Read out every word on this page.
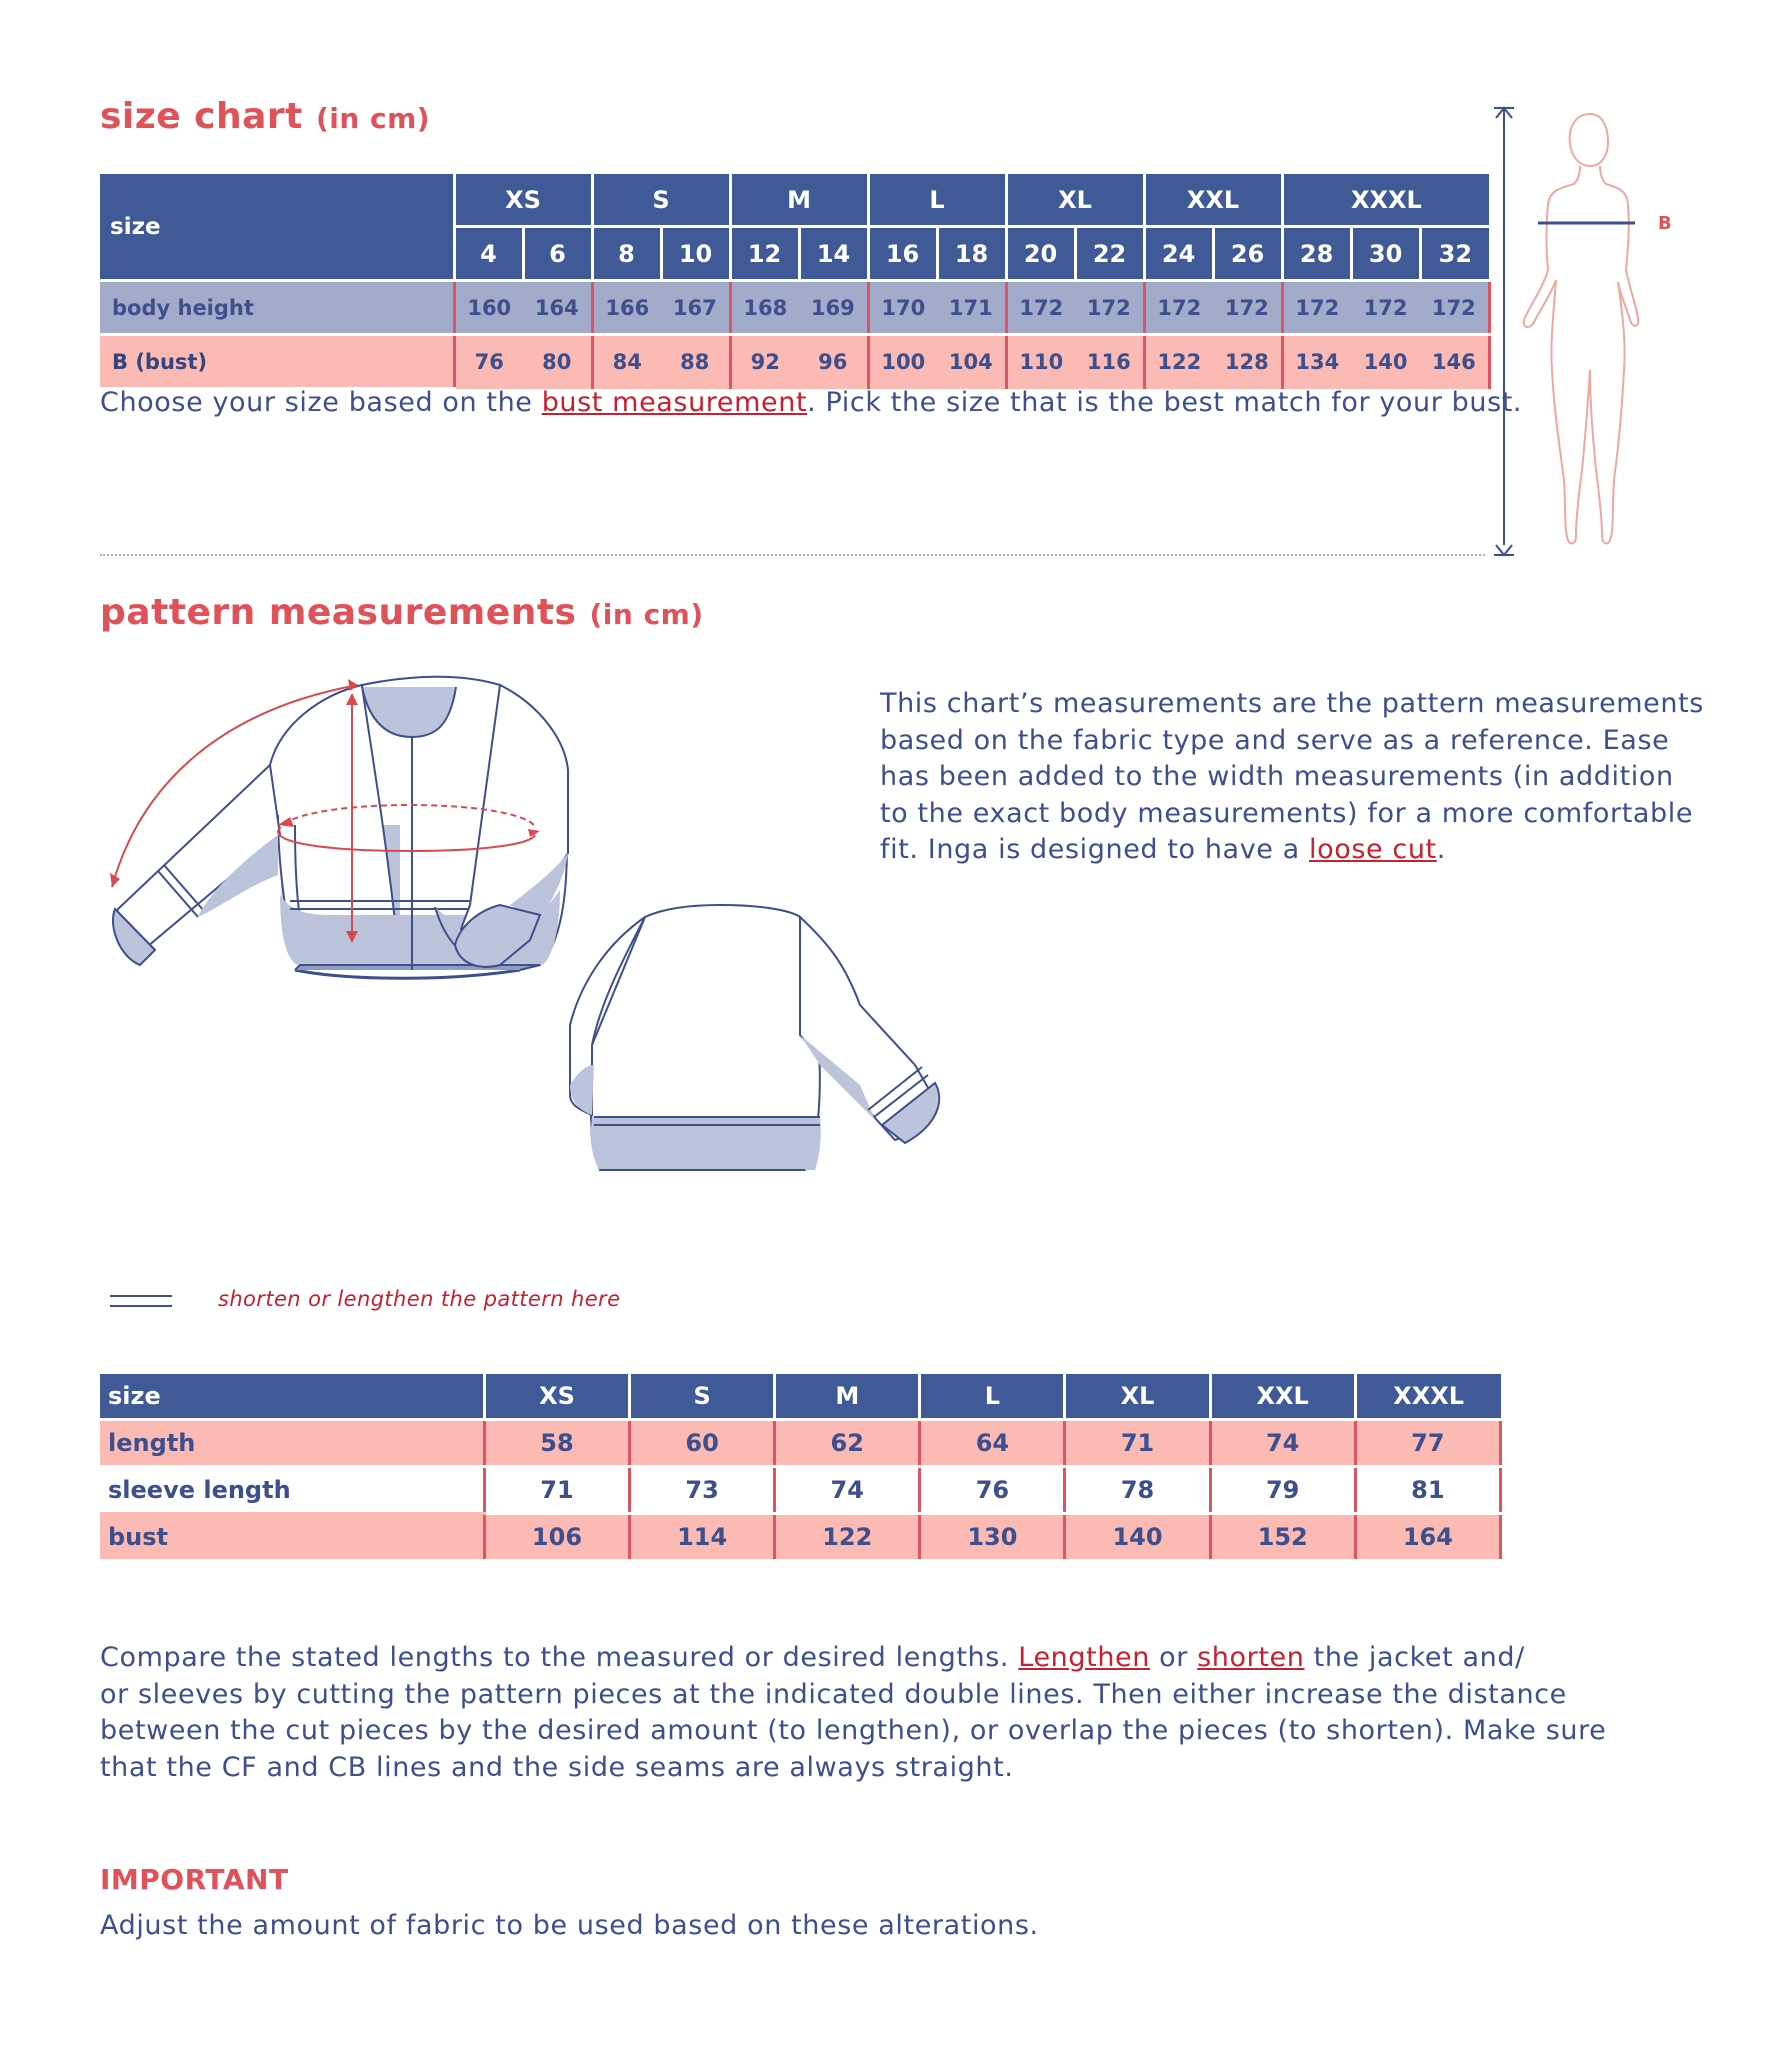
size chart (in cm)
size	XS		S		M		L		XL		XXL		XXXL		
	4	6	8	10	12	14	16	18	20	22	24	26	28	30	32
body height	160	164	166	167	168	169	170	171	172	172	172	172	172	172	172
B (bust)	76	80	84	88	92	96	100	104	110	116	122	128	134	140	146
Choose your size based on the bust measurement. Pick the size that is the best match for your bust.
B
pattern measurements (in cm)
This chart’s measurements are the pattern measurements
based on the fabric type and serve as a reference. Ease
has been added to the width measurements (in addition
to the exact body measurements) for a more comfortable
fit. Inga is designed to have a loose cut.
shorten or lengthen the pattern here
size	XS	S	M	L	XL	XXL	XXXL
length	58	60	62	64	71	74	77
sleeve length	71	73	74	76	78	79	81
bust	106	114	122	130	140	152	164
Compare the stated lengths to the measured or desired lengths. Lengthen or shorten the jacket and/
or sleeves by cutting the pattern pieces at the indicated double lines. Then either increase the distance
between the cut pieces by the desired amount (to lengthen), or overlap the pieces (to shorten). Make sure
that the CF and CB lines and the side seams are always straight.
IMPORTANT
Adjust the amount of fabric to be used based on these alterations.
